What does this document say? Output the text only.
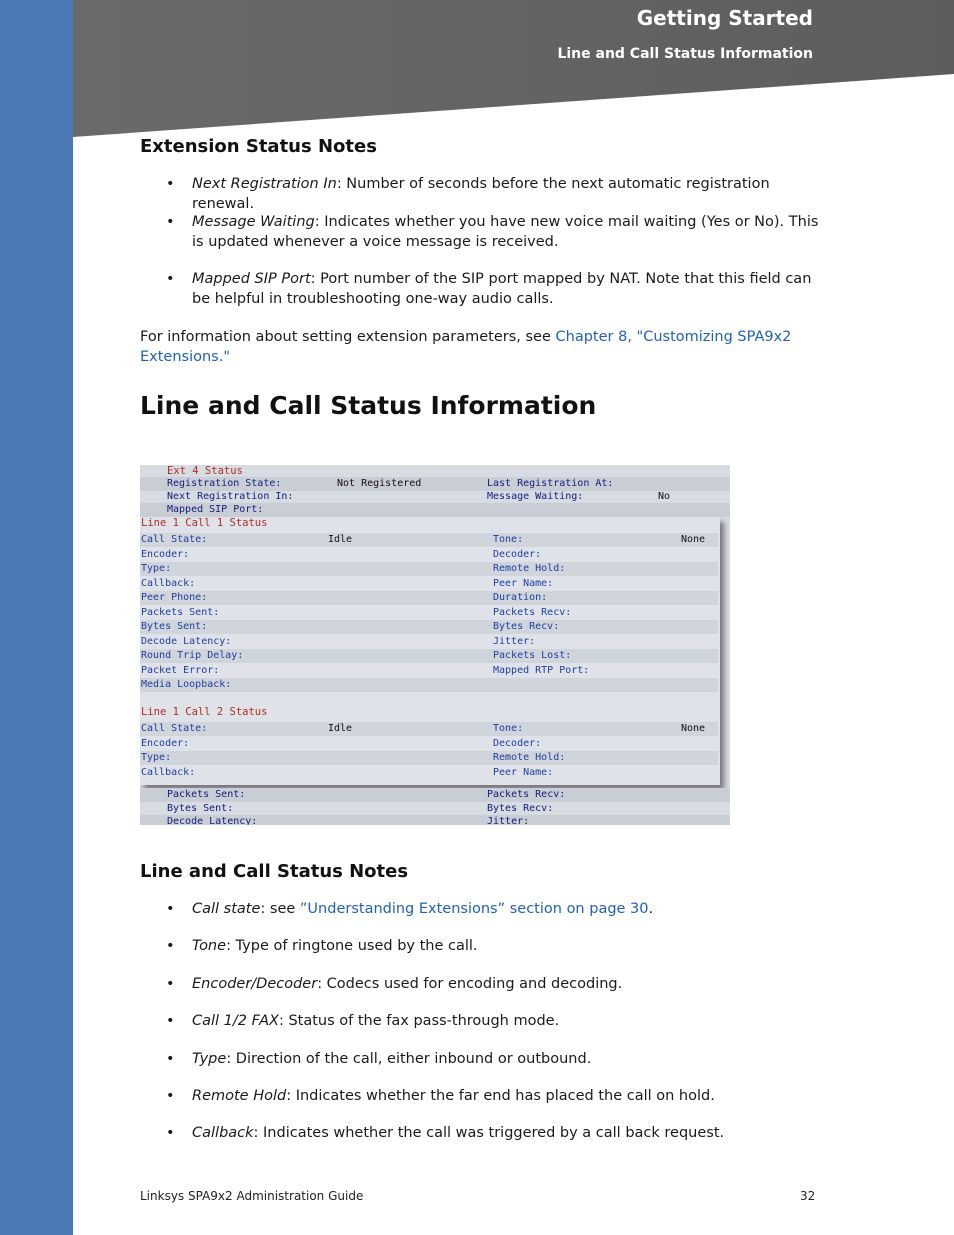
Getting Started
Line and Call Status Information
Extension Status Notes
• Next Registration In: Number of seconds before the next automatic registration renewal.
• Message Waiting: Indicates whether you have new voice mail waiting (Yes or No). This is updated whenever a voice message is received.
• Mapped SIP Port: Port number of the SIP port mapped by NAT. Note that this field can be helpful in troubleshooting one-way audio calls.
For information about setting extension parameters, see Chapter 8, "Customizing SPA9x2 Extensions."
Line and Call Status Information
Ext 4 Status
Registration State:	Not Registered	Last Registration At:
Next Registration In:	Message Waiting:	No
Mapped SIP Port:
Line 1 Call 1 Status
Call State:	Idle	Tone:	None
Encoder:	Decoder:
Type:	Remote Hold:
Callback:	Peer Name:
Peer Phone:	Duration:
Packets Sent:	Packets Recv:
Bytes Sent:	Bytes Recv:
Decode Latency:	Jitter:
Round Trip Delay:	Packets Lost:
Packet Error:	Mapped RTP Port:
Media Loopback:
Line 1 Call 2 Status
Call State:	Idle	Tone:	None
Encoder:	Decoder:
Type:	Remote Hold:
Callback:	Peer Name:
Packets Sent:	Packets Recv:
Bytes Sent:	Bytes Recv:
Decode Latency:	Jitter:
Line and Call Status Notes
• Call state: see ”Understanding Extensions” section on page 30.
• Tone: Type of ringtone used by the call.
• Encoder/Decoder: Codecs used for encoding and decoding.
• Call 1/2 FAX: Status of the fax pass-through mode.
• Type: Direction of the call, either inbound or outbound.
• Remote Hold: Indicates whether the far end has placed the call on hold.
• Callback: Indicates whether the call was triggered by a call back request.
Linksys SPA9x2 Administration Guide	32
